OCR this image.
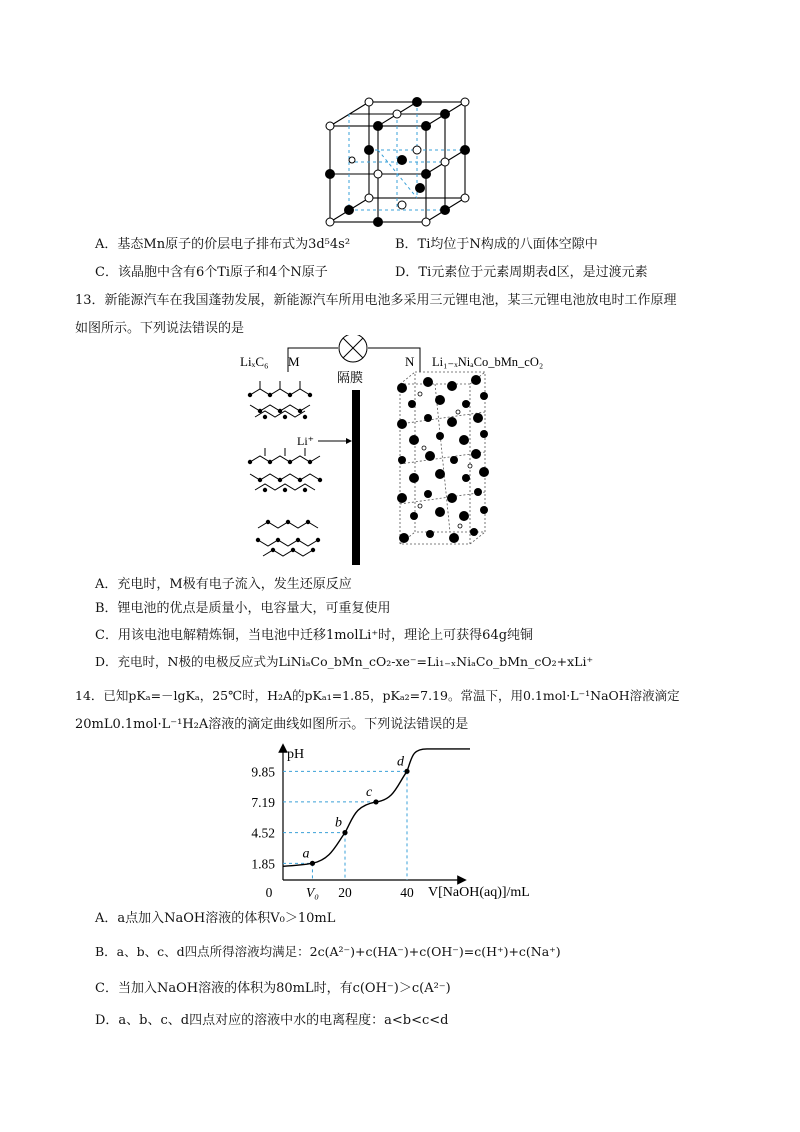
A．基态Mn原子的价层电子排布式为3d⁵4s²	B．Ti均位于N构成的八面体空隙中
C．该晶胞中含有6个Ti原子和4个N原子	D．Ti元素位于元素周期表d区，是过渡元素
13．新能源汽车在我国蓬勃发展，新能源汽车所用电池多采用三元锂电池，某三元锂电池放电时工作原理
如图所示。下列说法错误的是
LiₓC₆ M
隔膜
N Li₁₋ₓNiₐCo_bMn_cO₂
Li⁺
A．充电时，M极有电子流入，发生还原反应
B．锂电池的优点是质量小，电容量大，可重复使用
C．用该电池电解精炼铜，当电池中迁移1molLi⁺时，理论上可获得64g纯铜
D．充电时，N极的电极反应式为LiNiₐCo_bMn_cO₂-xe⁻=Li₁₋ₓNiₐCo_bMn_cO₂+xLi⁺
14．已知pKₐ=－lgKₐ，25℃时，H₂A的pKₐ₁=1.85，pKₐ₂=7.19。常温下，用0.1mol·L⁻¹NaOH溶液滴定
20mL0.1mol·L⁻¹H₂A溶液的滴定曲线如图所示。下列说法错误的是
pH
V[NaOH(aq)]/mL
1.85
4.52
7.19
9.85
0 V₀ 20	40
a
b
c
d
A．a点加入NaOH溶液的体积V₀＞10mL
B．a、b、c、d四点所得溶液均满足：2c(A²⁻)+c(HA⁻)+c(OH⁻)=c(H⁺)+c(Na⁺)
C．当加入NaOH溶液的体积为80mL时，有c(OH⁻)＞c(A²⁻)
D．a、b、c、d四点对应的溶液中水的电离程度：a<b<c<d
